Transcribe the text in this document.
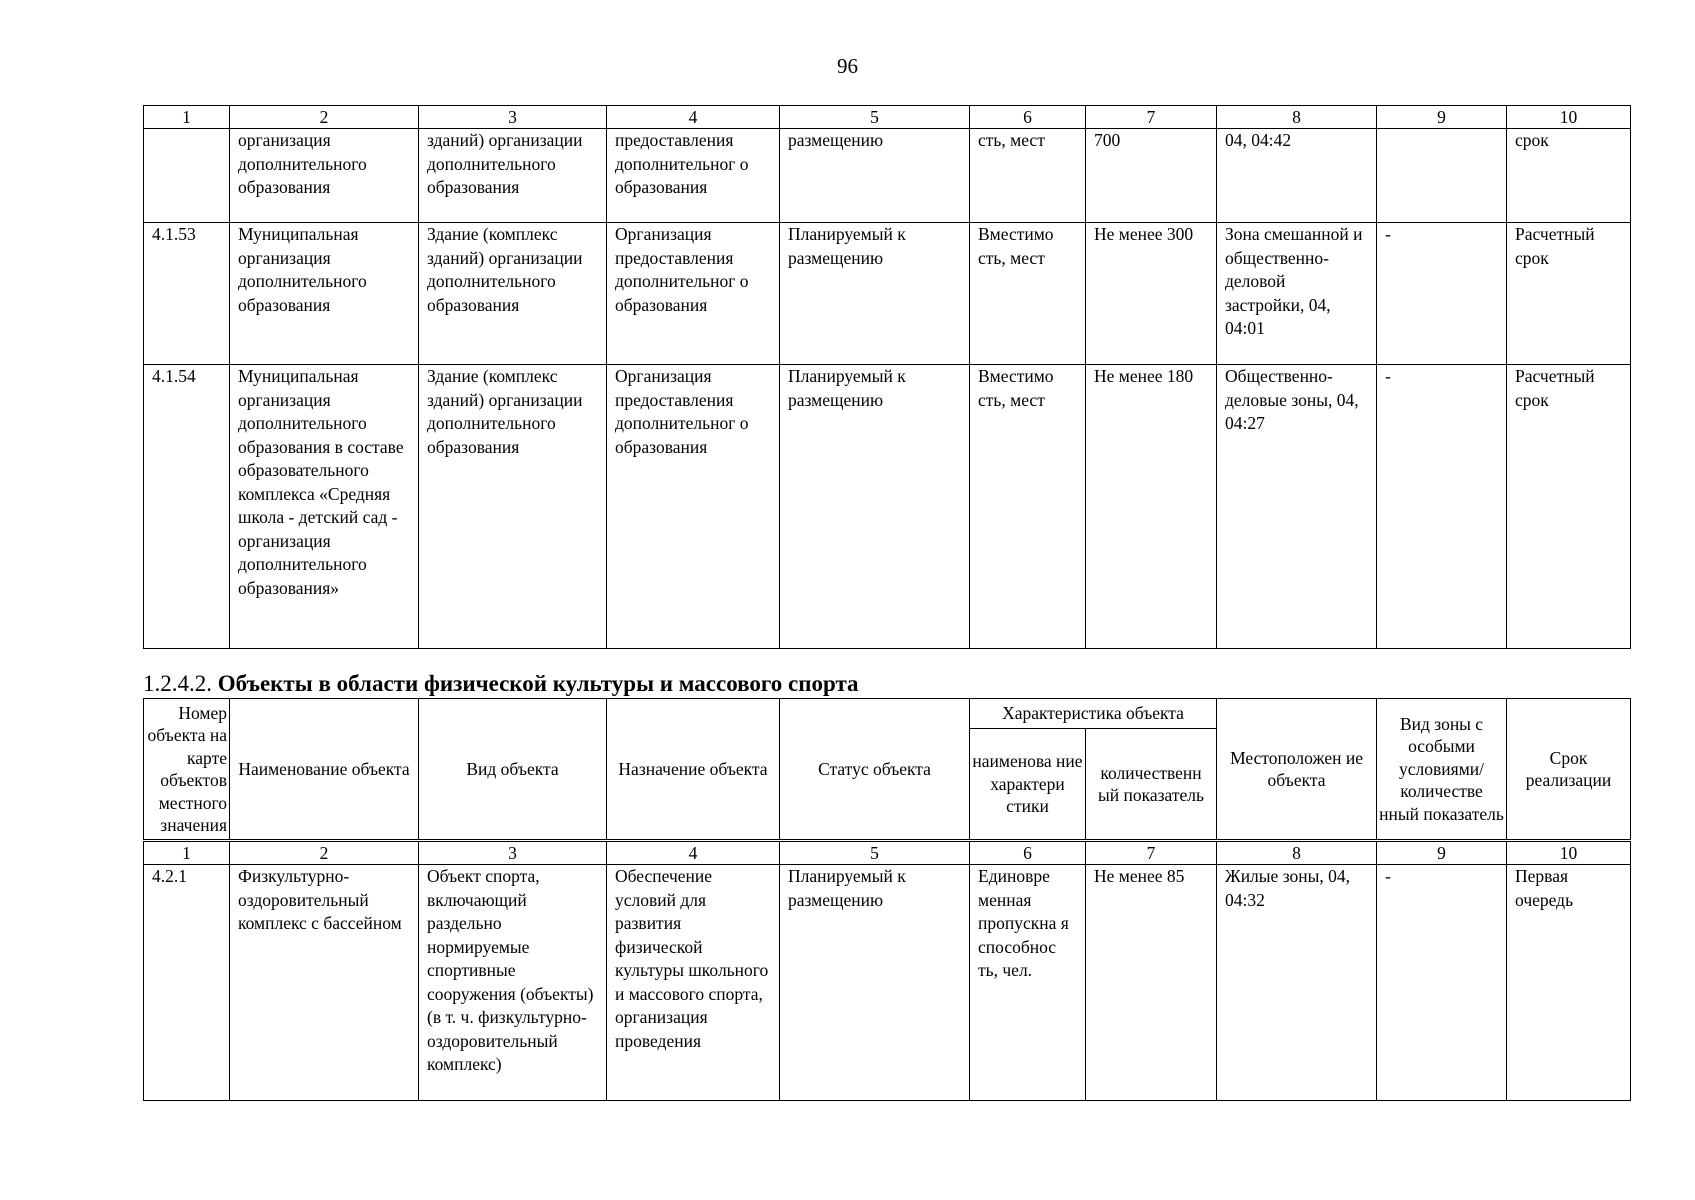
96
1	2	3	4	5	6	7	8	9	10
	организация дополнительного образования	зданий) организации дополнительного образования	предоставления дополнительног о образования	размещению	сть, мест	700	04, 04:42		срок
4.1.53	Муниципальная организация дополнительного образования	Здание (комплекс зданий) организации дополнительного образования	Организация предоставления дополнительног о образования	Планируемый к размещению	Вместимо сть, мест	Не менее 300	Зона смешанной и общественно-деловой застройки, 04, 04:01	-	Расчетный срок
4.1.54	Муниципальная организация дополнительного образования в составе образовательного комплекса «Средняя школа - детский сад - организация дополнительного образования»	Здание (комплекс зданий) организации дополнительного образования	Организация предоставления дополнительног о образования	Планируемый к размещению	Вместимо сть, мест	Не менее 180	Общественно-деловые зоны, 04, 04:27	-	Расчетный срок
1.2.4.2. Объекты в области физической культуры и массового спорта
Номер объекта на карте объектов местного значения	Наименование объекта	Вид объекта	Назначение объекта	Статус объекта	Характеристика объекта		Местоположен ие объекта	Вид зоны с особыми условиями/ количестве нный показатель	Срок реализации
					наименова ние характери стики	количественн ый показатель			
1	2	3	4	5	6	7	8	9	10
4.2.1	Физкультурно-оздоровительный комплекс с бассейном	Объект спорта, включающий раздельно нормируемые спортивные сооружения (объекты) (в т. ч. физкультурно-оздоровительный комплекс)	Обеспечение условий для развития физической культуры школьного и массового спорта, организация проведения	Планируемый к размещению	Единовре менная пропускна я способнос ть, чел.	Не менее 85	Жилые зоны, 04, 04:32	-	Первая очередь
